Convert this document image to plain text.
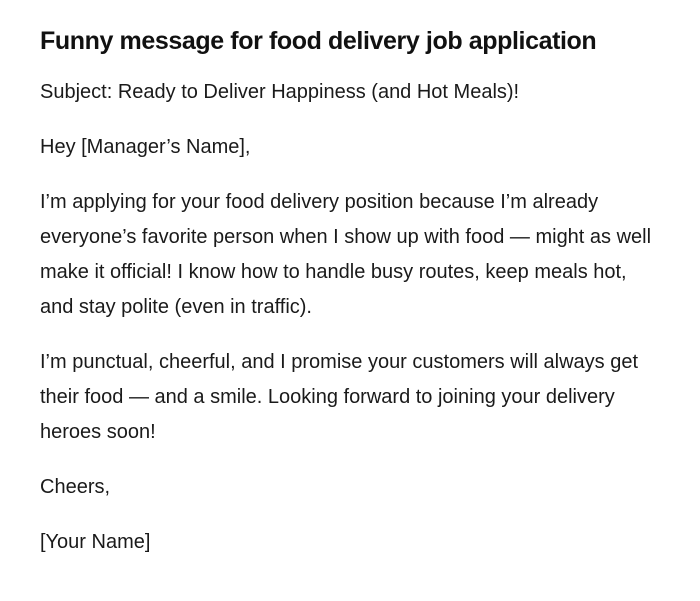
Funny message for food delivery job application

Subject: Ready to Deliver Happiness (and Hot Meals)!

Hey [Manager’s Name],

I’m applying for your food delivery position because I’m already everyone’s favorite person when I show up with food — might as well make it official! I know how to handle busy routes, keep meals hot, and stay polite (even in traffic).

I’m punctual, cheerful, and I promise your customers will always get their food — and a smile. Looking forward to joining your delivery heroes soon!

Cheers,

[Your Name]
